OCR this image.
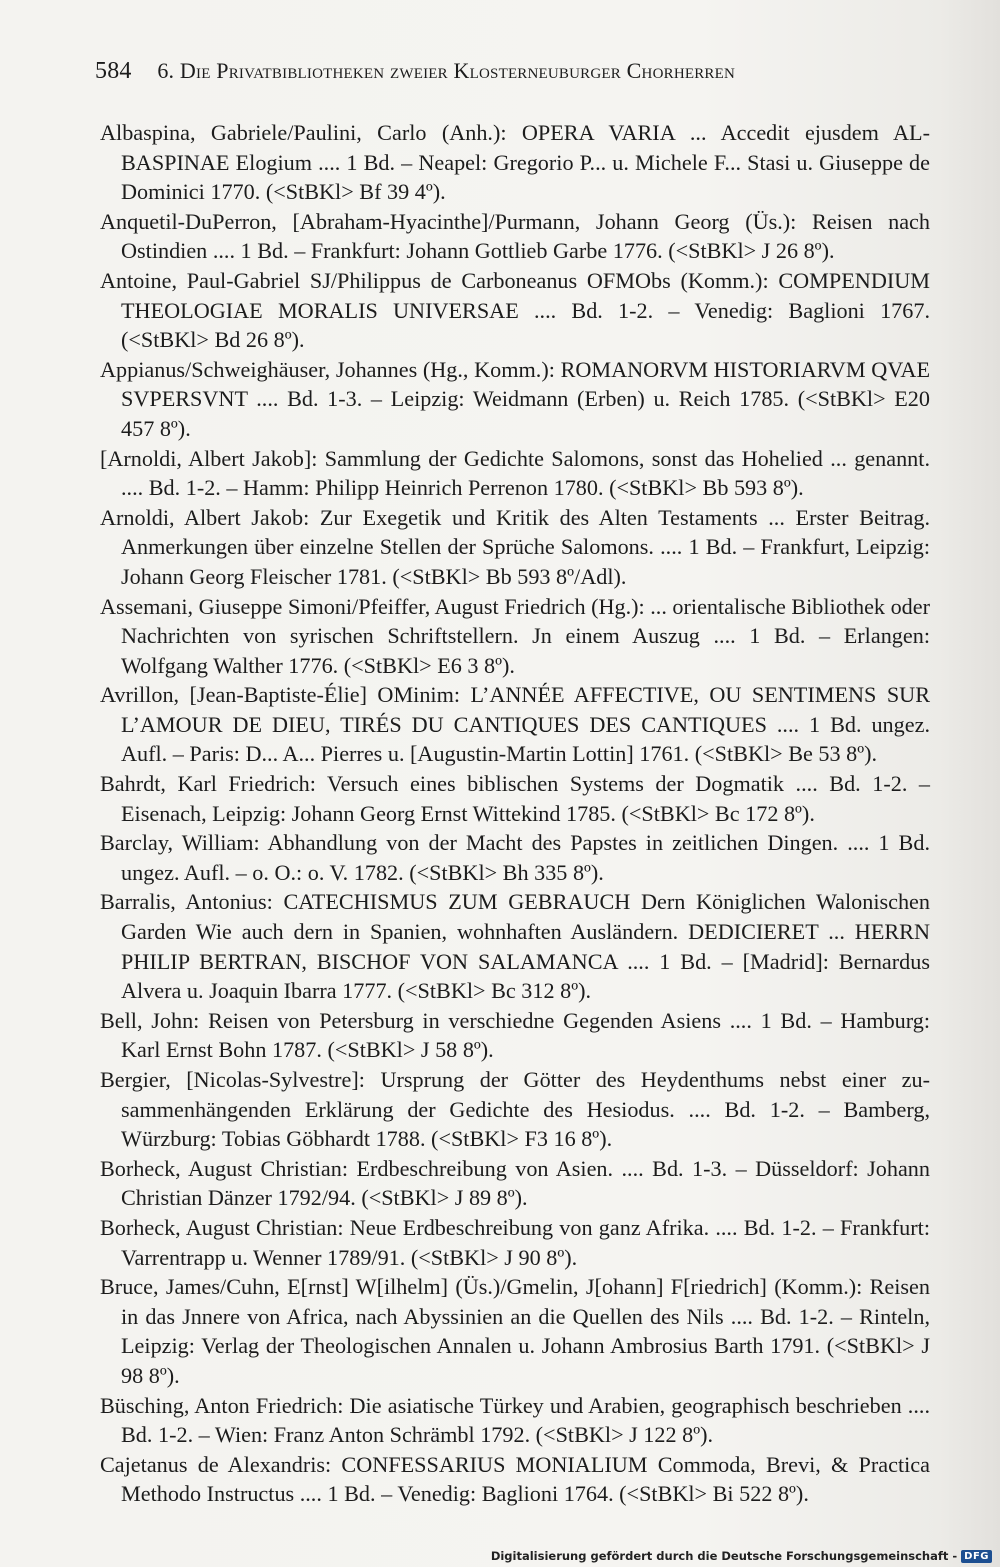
584 6. Die Privatbibliotheken zweier Klosterneuburger Chorherren

Albaspina, Gabriele/Paulini, Carlo (Anh.): OPERA VARIA ... Accedit ejusdem ALBASPINAE Elogium .... 1 Bd. – Neapel: Gregorio P... u. Michele F... Stasi u. Giuseppe de Dominici 1770. (<StBKl> Bf 39 4º).

Anquetil-DuPerron, [Abraham-Hyacinthe]/Purmann, Johann Georg (Üs.): Reisen nach Ostindien .... 1 Bd. – Frankfurt: Johann Gottlieb Garbe 1776. (<StBKl> J 26 8º).

Antoine, Paul-Gabriel SJ/Philippus de Carboneanus OFMObs (Komm.): COMPENDIUM THEOLOGIAE MORALIS UNIVERSAE .... Bd. 1-2. – Venedig: Baglioni 1767. (<StBKl> Bd 26 8º).

Appianus/Schweighäuser, Johannes (Hg., Komm.): ROMANORVM HISTORIARVM QVAE SVPERSVNT .... Bd. 1-3. – Leipzig: Weidmann (Erben) u. Reich 1785. (<StBKl> E20 457 8º).

[Arnoldi, Albert Jakob]: Sammlung der Gedichte Salomons, sonst das Hohelied ... genannt. .... Bd. 1-2. – Hamm: Philipp Heinrich Perrenon 1780. (<StBKl> Bb 593 8º).

Arnoldi, Albert Jakob: Zur Exegetik und Kritik des Alten Testaments ... Erster Beitrag. Anmerkungen über einzelne Stellen der Sprüche Salomons. .... 1 Bd. – Frankfurt, Leipzig: Johann Georg Fleischer 1781. (<StBKl> Bb 593 8º/Adl).

Assemani, Giuseppe Simoni/Pfeiffer, August Friedrich (Hg.): ... orientalische Bibliothek oder Nachrichten von syrischen Schriftstellern. Jn einem Auszug .... 1 Bd. – Erlangen: Wolfgang Walther 1776. (<StBKl> E6 3 8º).

Avrillon, [Jean-Baptiste-Élie] OMinim: L’ANNÉE AFFECTIVE, OU SENTIMENS SUR L’AMOUR DE DIEU, TIRÉS DU CANTIQUES DES CANTIQUES .... 1 Bd. ungez. Aufl. – Paris: D... A... Pierres u. [Augustin-Martin Lottin] 1761. (<StBKl> Be 53 8º).

Bahrdt, Karl Friedrich: Versuch eines biblischen Systems der Dogmatik .... Bd. 1-2. – Eisenach, Leipzig: Johann Georg Ernst Wittekind 1785. (<StBKl> Bc 172 8º).

Barclay, William: Abhandlung von der Macht des Papstes in zeitlichen Dingen. .... 1 Bd. ungez. Aufl. – o. O.: o. V. 1782. (<StBKl> Bh 335 8º).

Barralis, Antonius: CATECHISMUS ZUM GEBRAUCH Dern Königlichen Walonischen Garden Wie auch dern in Spanien, wohnhaften Ausländern. DEDICIERET ... HERRN PHILIP BERTRAN, BISCHOF VON SALAMANCA .... 1 Bd. – [Madrid]: Bernardus Alvera u. Joaquin Ibarra 1777. (<StBKl> Bc 312 8º).

Bell, John: Reisen von Petersburg in verschiedne Gegenden Asiens .... 1 Bd. – Hamburg: Karl Ernst Bohn 1787. (<StBKl> J 58 8º).

Bergier, [Nicolas-Sylvestre]: Ursprung der Götter des Heydenthums nebst einer zusammenhängenden Erklärung der Gedichte des Hesiodus. .... Bd. 1-2. – Bamberg, Würzburg: Tobias Göbhardt 1788. (<StBKl> F3 16 8º).

Borheck, August Christian: Erdbeschreibung von Asien. .... Bd. 1-3. – Düsseldorf: Johann Christian Dänzer 1792/94. (<StBKl> J 89 8º).

Borheck, August Christian: Neue Erdbeschreibung von ganz Afrika. .... Bd. 1-2. – Frankfurt: Varrentrapp u. Wenner 1789/91. (<StBKl> J 90 8º).

Bruce, James/Cuhn, E[rnst] W[ilhelm] (Üs.)/Gmelin, J[ohann] F[riedrich] (Komm.): Reisen in das Jnnere von Africa, nach Abyssinien an die Quellen des Nils .... Bd. 1-2. – Rinteln, Leipzig: Verlag der Theologischen Annalen u. Johann Ambrosius Barth 1791. (<StBKl> J 98 8º).

Büsching, Anton Friedrich: Die asiatische Türkey und Arabien, geographisch beschrieben .... Bd. 1-2. – Wien: Franz Anton Schrämbl 1792. (<StBKl> J 122 8º).

Cajetanus de Alexandris: CONFESSARIUS MONIALIUM Commoda, Brevi, & Practica Methodo Instructus .... 1 Bd. – Venedig: Baglioni 1764. (<StBKl> Bi 522 8º).

Digitalisierung gefördert durch die Deutsche Forschungsgemeinschaft - DFG
